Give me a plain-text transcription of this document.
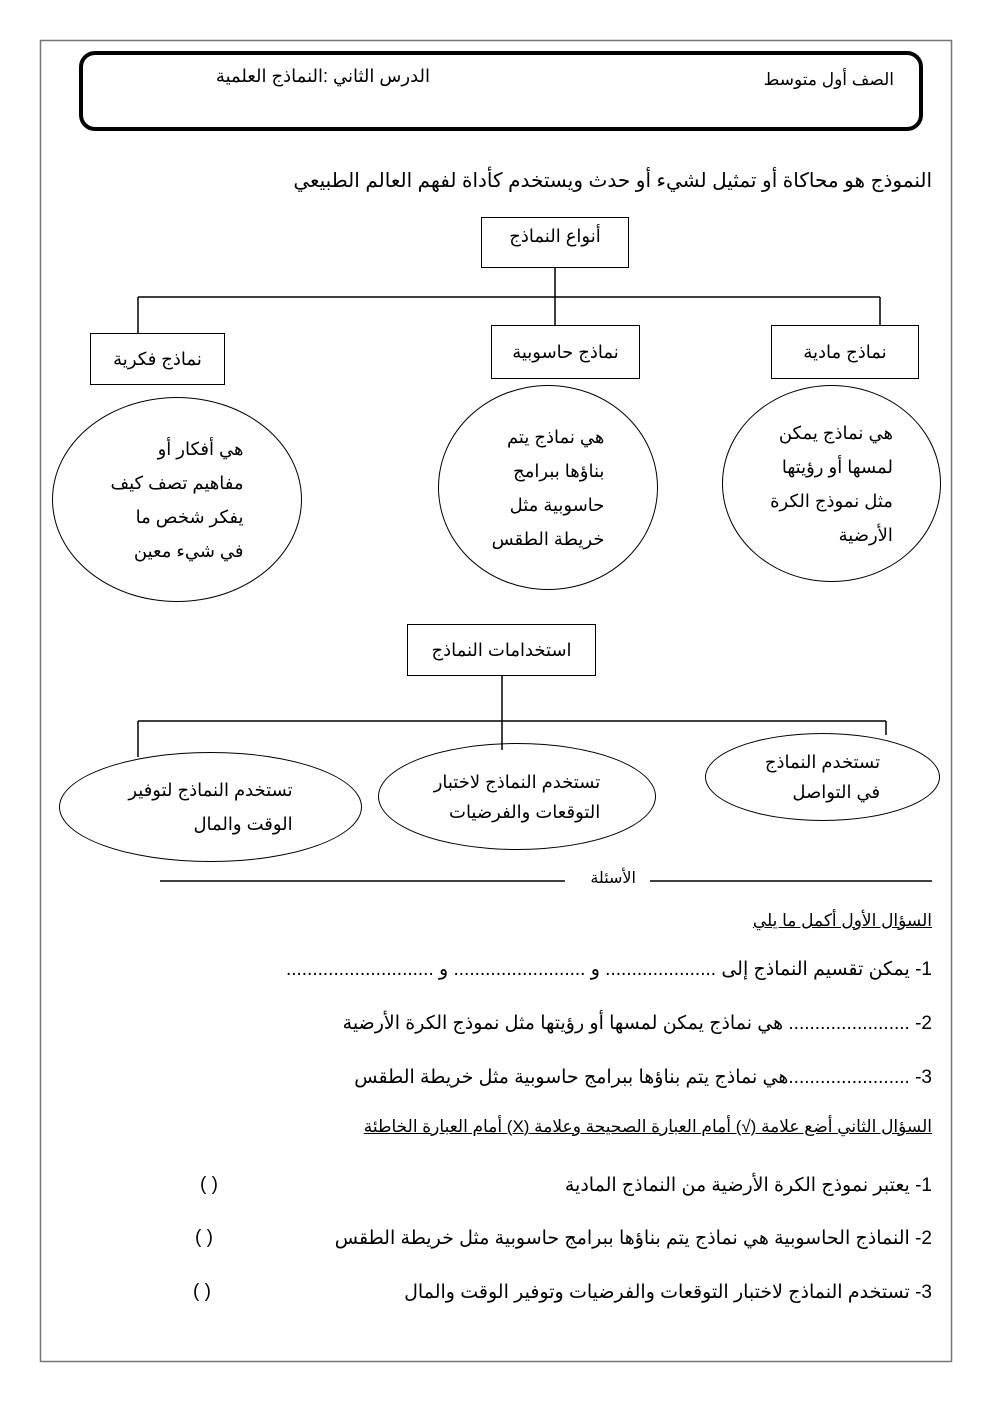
الصف أول متوسط
الدرس الثاني :النماذج العلمية
النموذج هو محاكاة أو تمثيل لشيء أو حدث ويستخدم كأداة لفهم العالم الطبيعي
أنواع النماذج
نماذج مادية
نماذج حاسوبية
نماذج فكرية
هي نماذج يمكن
لمسها أو رؤيتها
مثل نموذج الكرة
الأرضية
هي نماذج يتم
بناؤها ببرامج
حاسوبية مثل
خريطة الطقس
هي أفكار أو
مفاهيم تصف كيف
يفكر شخص ما
في شيء معين
استخدامات النماذج
تستخدم النماذج
في التواصل
تستخدم النماذج لاختبار
التوقعات والفرضيات
تستخدم النماذج لتوفير
الوقت والمال
الأسئلة
السؤال الأول أكمل ما يلي
1- يمكن تقسيم النماذج إلى ..................... و ......................... و ............................
2- ....................... هي نماذج يمكن لمسها أو رؤيتها مثل نموذج الكرة الأرضية
3- .......................هي نماذج يتم بناؤها ببرامج حاسوبية مثل خريطة الطقس
السؤال الثاني أضع علامة (√) أمام العبارة الصحيحة وعلامة (X) أمام العبارة الخاطئة
1- يعتبر نموذج الكرة الأرضية من النماذج المادية
( )
2- النماذج الحاسوبية هي نماذج يتم بناؤها ببرامج حاسوبية مثل خريطة الطقس
( )
3- تستخدم النماذج لاختبار التوقعات والفرضيات وتوفير الوقت والمال
( )
